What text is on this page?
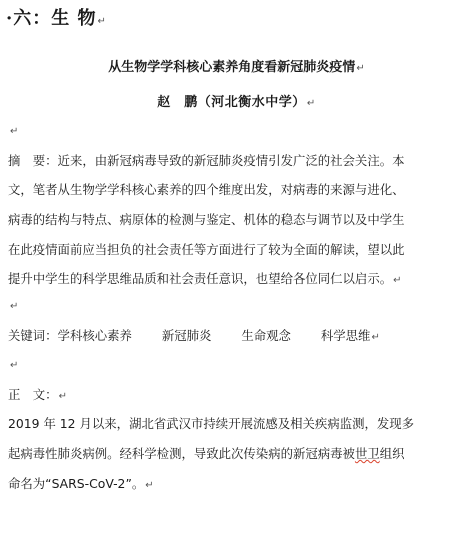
·六：生 物↵
从生物学学科核心素养角度看新冠肺炎疫情↵
赵　鹏（河北衡水中学）↵
↵
摘　要：近来，由新冠病毒导致的新冠肺炎疫情引发广泛的社会关注。本
文，笔者从生物学学科核心素养的四个维度出发，对病毒的来源与进化、
病毒的结构与特点、病原体的检测与鉴定、机体的稳态与调节以及中学生
在此疫情面前应当担负的社会责任等方面进行了较为全面的解读，望以此
提升中学生的科学思维品质和社会责任意识，也望给各位同仁以启示。↵
↵
关键词：学科核心素养 新冠肺炎 生命观念 科学思维↵
↵
正　文：↵
2019 年 12 月以来，湖北省武汉市持续开展流感及相关疾病监测，发现多
起病毒性肺炎病例。经科学检测，导致此次传染病的新冠病毒被世卫组织
命名为“SARS-CoV-2”。↵
